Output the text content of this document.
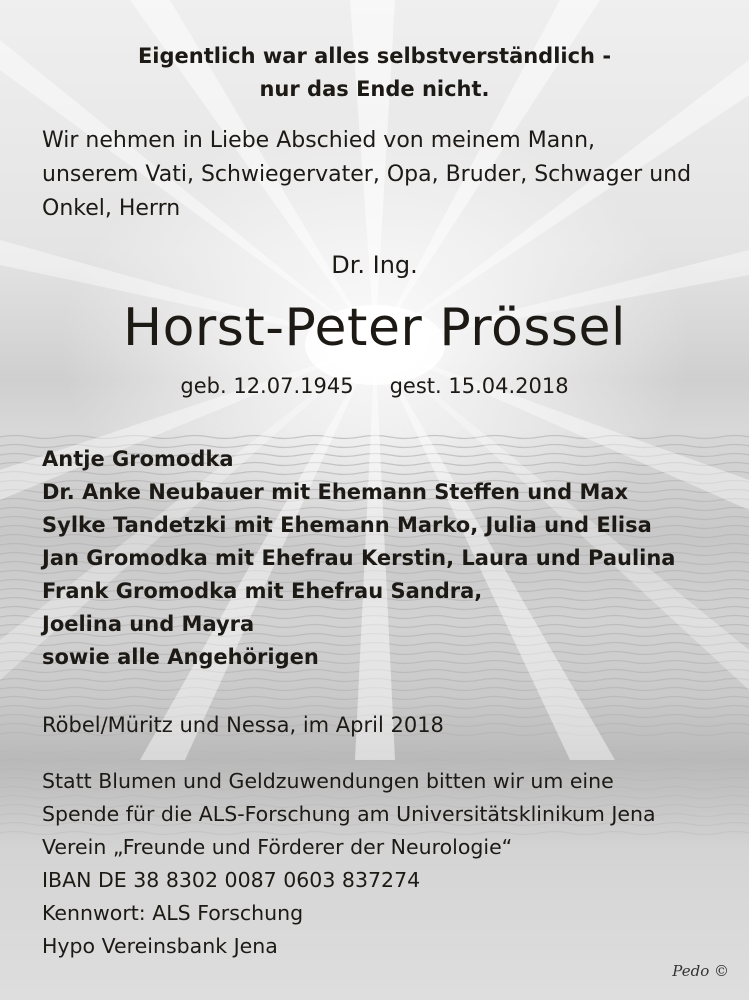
Eigentlich war alles selbstverständlich -

nur das Ende nicht.

Wir nehmen in Liebe Abschied von meinem Mann,

unserem Vati, Schwiegervater, Opa, Bruder, Schwager und

Onkel, Herrn

Dr. Ing.

Horst-Peter Prössel

geb. 12.07.1945 gest. 15.04.2018

Antje Gromodka

Dr. Anke Neubauer mit Ehemann Steffen und Max

Sylke Tandetzki mit Ehemann Marko, Julia und Elisa

Jan Gromodka mit Ehefrau Kerstin, Laura und Paulina

Frank Gromodka mit Ehefrau Sandra,

Joelina und Mayra

sowie alle Angehörigen

Röbel/Müritz und Nessa, im April 2018

Statt Blumen und Geldzuwendungen bitten wir um eine

Spende für die ALS-Forschung am Universitätsklinikum Jena

Verein „Freunde und Förderer der Neurologie“

IBAN DE 38 8302 0087 0603 837274

Kennwort: ALS Forschung

Hypo Vereinsbank Jena

Pedo ©
